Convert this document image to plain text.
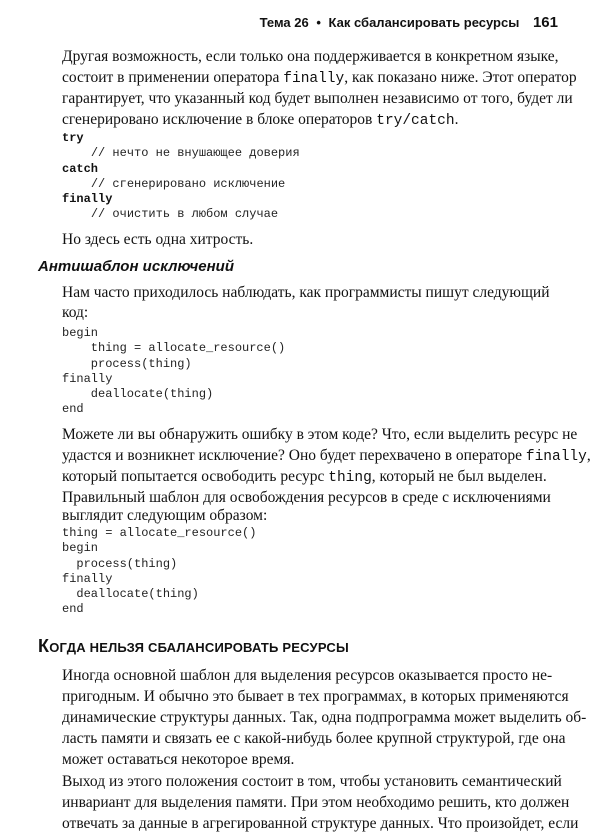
Тема 26 • Как сбалансировать ресурсы 161

Другая возможность, если только она поддерживается в конкретном языке,

состоит в применении оператора finally, как показано ниже. Этот оператор

гарантирует, что указанный код будет выполнен независимо от того, будет ли

сгенерировано исключение в блоке операторов try/catch.

try
// нечто не внушающее доверия
catch
// сгенерировано исключение
finally
// очистить в любом случае

Но здесь есть одна хитрость.

Антишаблон исключений

Нам часто приходилось наблюдать, как программисты пишут следующий

код:

begin
thing = allocate_resource()
process(thing)
finally
deallocate(thing)
end

Можете ли вы обнаружить ошибку в этом коде? Что, если выделить ресурс не

удастся и возникнет исключение? Оно будет перехвачено в операторе finally,

который попытается освободить ресурс thing, который не был выделен.

Правильный шаблон для освобождения ресурсов в среде с исключениями

выглядит следующим образом:

thing = allocate_resource()
begin
process(thing)
finally
deallocate(thing)
end
КОГДА НЕЛЬЗЯ СБАЛАНСИРОВАТЬ РЕСУРСЫ

Иногда основной шаблон для выделения ресурсов оказывается просто не-

пригодным. И обычно это бывает в тех программах, в которых применяются

динамические структуры данных. Так, одна подпрограмма может выделить об-

ласть памяти и связать ее с какой-нибудь более крупной структурой, где она

может оставаться некоторое время.

Выход из этого положения состоит в том, чтобы установить семантический

инвариант для выделения памяти. При этом необходимо решить, кто должен

отвечать за данные в агрегированной структуре данных. Что произойдет, если
